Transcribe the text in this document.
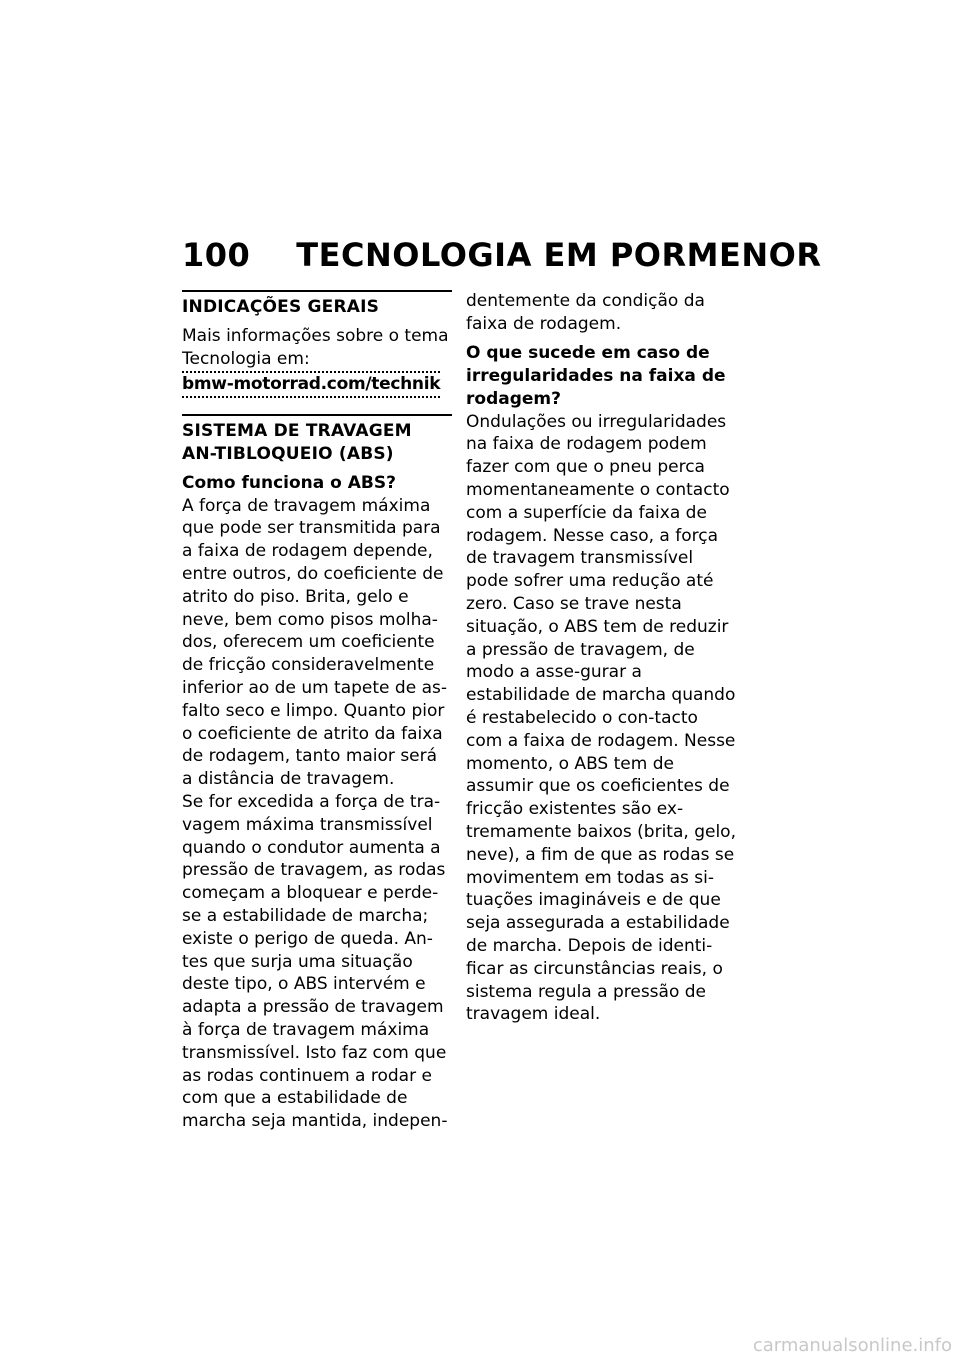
100 TECNOLOGIA EM PORMENOR
INDICAÇÕES GERAIS

Mais informações sobre o tema Tecnologia em:

bmw-motorrad.com/technik
SISTEMA DE TRAVAGEM AN-TIBLOQUEIO (ABS)
Como funciona o ABS?

A força de travagem máxima que pode ser transmitida para a faixa de rodagem depende, entre outros, do coeficiente de atrito do piso. Brita, gelo e neve, bem como pisos molha-dos, oferecem um coeficiente de fricção consideravelmente inferior ao de um tapete de as-falto seco e limpo. Quanto pior o coeficiente de atrito da faixa de rodagem, tanto maior será a distância de travagem.

Se for excedida a força de tra-vagem máxima transmissível quando o condutor aumenta a pressão de travagem, as rodas começam a bloquear e perde-se a estabilidade de marcha; existe o perigo de queda. An-tes que surja uma situação deste tipo, o ABS intervém e adapta a pressão de travagem à força de travagem máxima transmissível. Isto faz com que as rodas continuem a rodar e com que a estabilidade de marcha seja mantida, indepen-

dentemente da condição da faixa de rodagem.

O que sucede em caso de irregularidades na faixa de rodagem?

Ondulações ou irregularidades na faixa de rodagem podem fazer com que o pneu perca momentaneamente o contacto com a superfície da faixa de rodagem. Nesse caso, a força de travagem transmissível pode sofrer uma redução até zero. Caso se trave nesta situação, o ABS tem de reduzir a pressão de travagem, de modo a asse-gurar a estabilidade de marcha quando é restabelecido o con-tacto com a faixa de rodagem. Nesse momento, o ABS tem de assumir que os coeficientes de fricção existentes são ex-tremamente baixos (brita, gelo, neve), a fim de que as rodas se movimentem em todas as si-tuações imagináveis e de que seja assegurada a estabilidade de marcha. Depois de identi-ficar as circunstâncias reais, o sistema regula a pressão de travagem ideal.

carmanualsonline.info
